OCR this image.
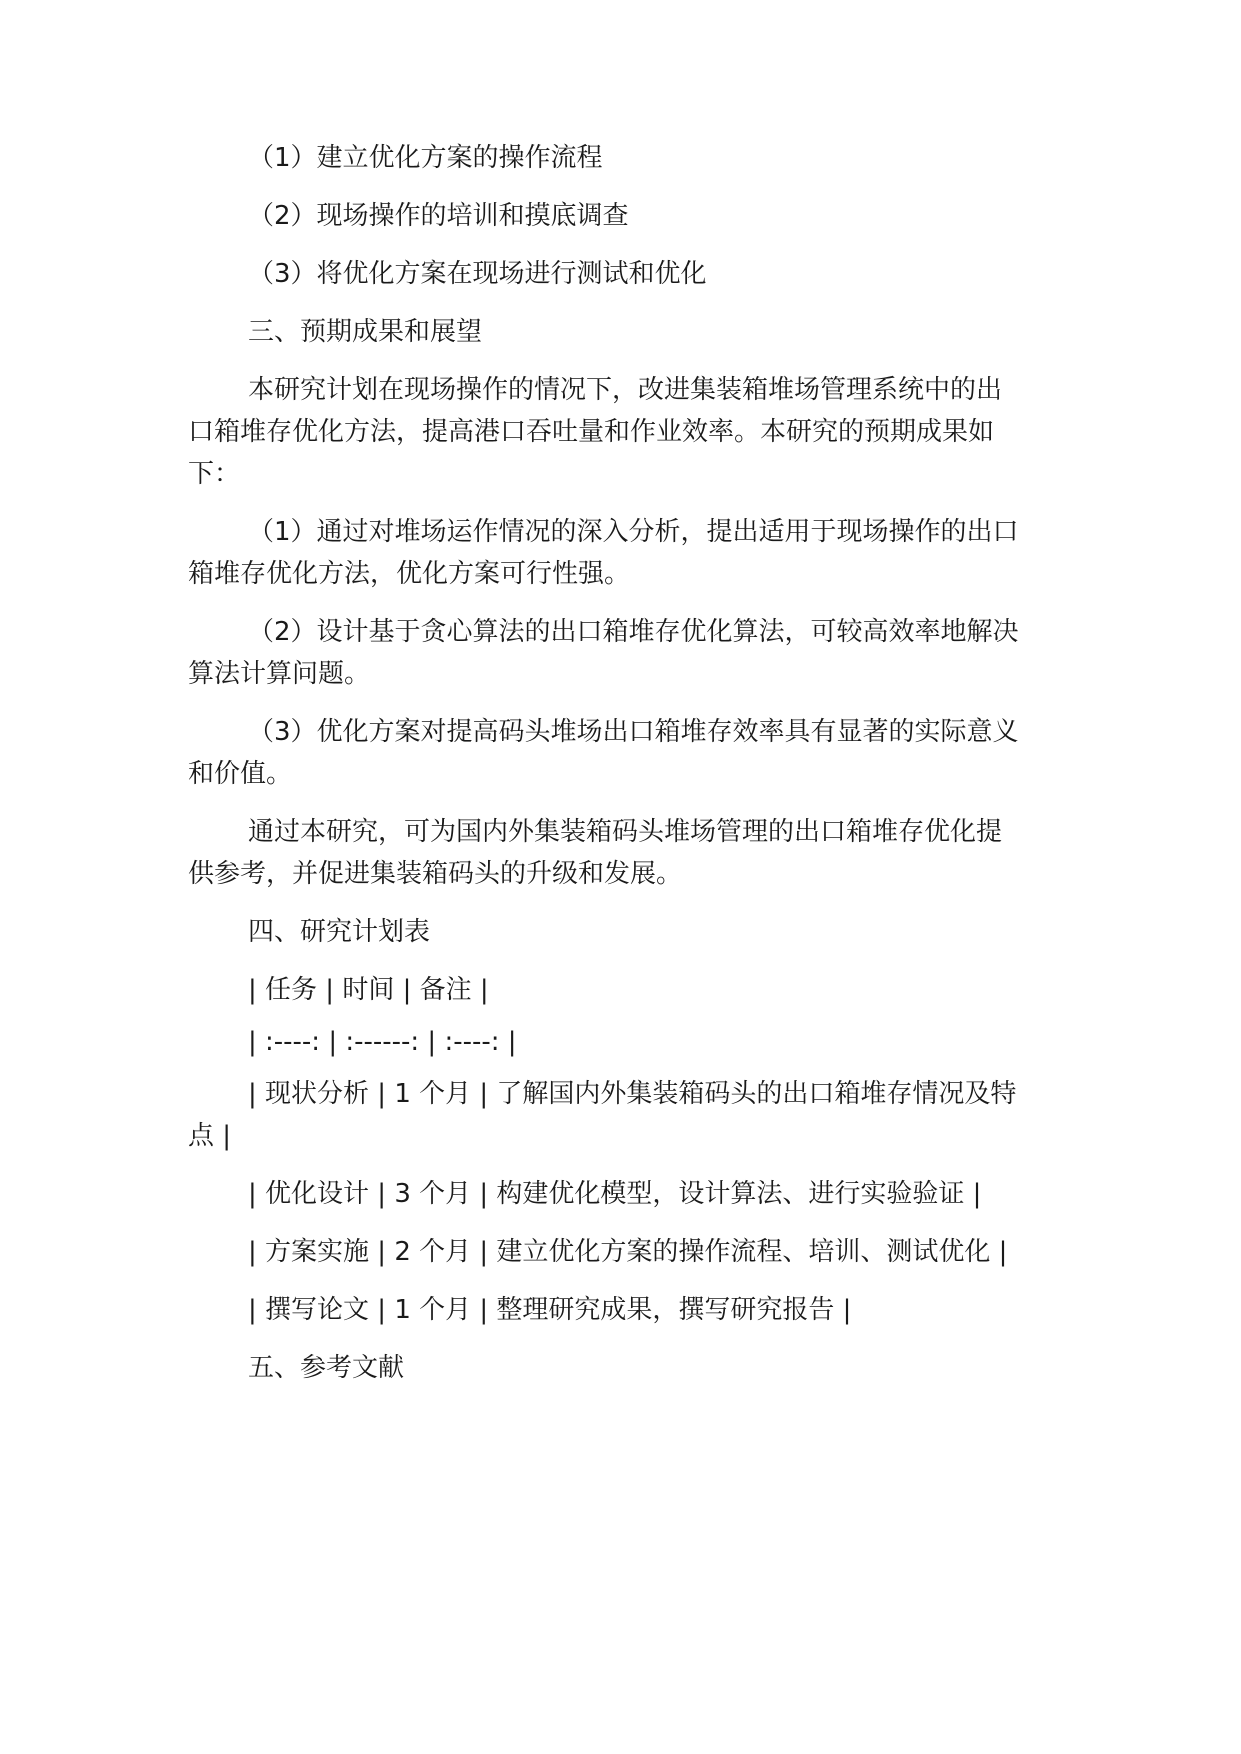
（1）建立优化方案的操作流程

（2）现场操作的培训和摸底调查

（3）将优化方案在现场进行测试和优化

三、预期成果和展望

本研究计划在现场操作的情况下，改进集装箱堆场管理系统中的出

口箱堆存优化方法，提高港口吞吐量和作业效率。本研究的预期成果如

下：

（1）通过对堆场运作情况的深入分析，提出适用于现场操作的出口

箱堆存优化方法，优化方案可行性强。

（2）设计基于贪心算法的出口箱堆存优化算法，可较高效率地解决

算法计算问题。

（3）优化方案对提高码头堆场出口箱堆存效率具有显著的实际意义

和价值。

通过本研究，可为国内外集装箱码头堆场管理的出口箱堆存优化提

供参考，并促进集装箱码头的升级和发展。

四、研究计划表

| 任务 | 时间 | 备注 |

| :----: | :------: | :----: |

| 现状分析 | 1 个月 | 了解国内外集装箱码头的出口箱堆存情况及特

点 |

| 优化设计 | 3 个月 | 构建优化模型，设计算法、进行实验验证 |

| 方案实施 | 2 个月 | 建立优化方案的操作流程、培训、测试优化 |

| 撰写论文 | 1 个月 | 整理研究成果，撰写研究报告 |

五、参考文献
